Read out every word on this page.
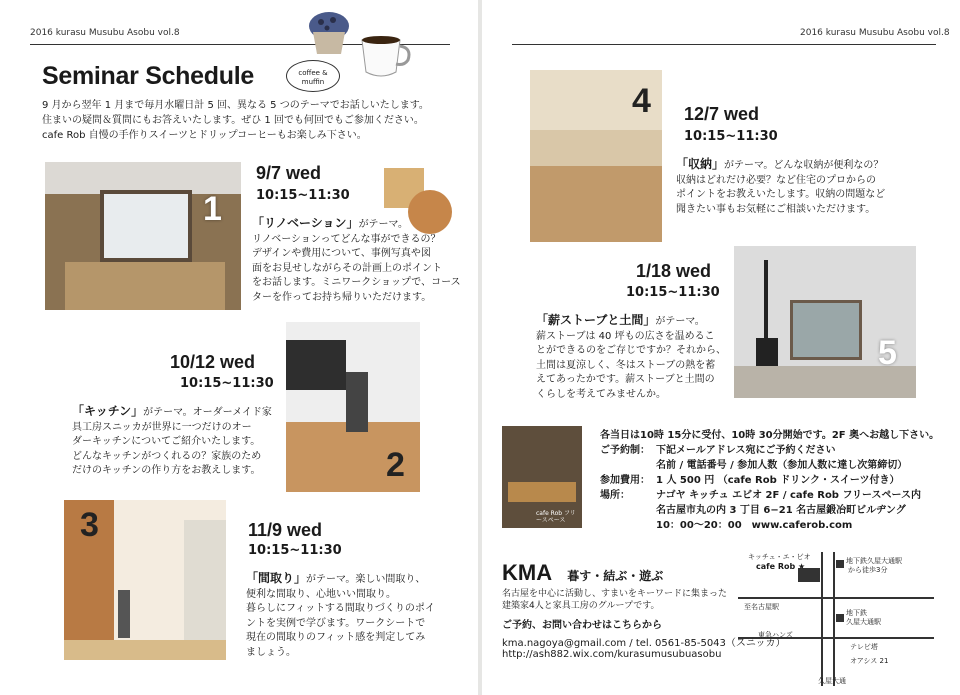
2016 kurasu Musubu Asobu vol.8
coffee & muffin
Seminar Schedule
9 月から翌年 1 月まで毎月水曜日計 5 回、異なる 5 つのテーマでお話しいたします。
住まいの疑問＆質問にもお答えいたします。ぜひ 1 回でも何回でもご参加ください。
cafe Rob 自慢の手作りスイーツとドリップコーヒーもお楽しみ下さい。
1
9/7 wed
10:15~11:30
「リノベーション」がテーマ。
リノベーションってどんな事ができるの？
デザインや費用について、事例写真や図
面をお見せしながらその計画上のポイント
をお話します。ミニワークショップで、コース
ターを作ってお持ち帰りいただけます。
10/12 wed
10:15~11:30
2
「キッチン」がテーマ。オーダーメイド家
具工房スニッカが世界に一つだけのオー
ダーキッチンについてご紹介いたします。
どんなキッチンがつくれるの？家族のため
だけのキッチンの作り方をお教えします。
3	11/9 wed
10:15~11:30
「間取り」がテーマ。楽しい間取り、
便利な間取り、心地いい間取り。
暮らしにフィットする間取りづくりのポイ
ントを実例で学びます。ワークシートで
現在の間取りのフィット感を判定してみ
ましょう。
2016 kurasu Musubu Asobu vol.8
4 12/7 wed
10:15~11:30
「収納」がテーマ。どんな収納が便利なの？
収納はどれだけ必要？など住宅のプロからの
ポイントをお教えいたします。収納の問題など
聞きたい事もお気軽にご相談いただけます。
1/18 wed
10:15~11:30
5
「薪ストーブと土間」がテーマ。
薪ストーブは 40 坪もの広さを温めるこ
とができるのをご存じですか？それから、
土間は夏涼しく、冬はストーブの熱を蓄
えてあったかです。薪ストーブと土間の
くらしを考えてみませんか。
cafe Rob フリースペース
各当日は10時 15分に受付、10時 30分開始です。2F 奥へお越し下さい。
ご予約制： 下記メールアドレス宛にご予約ください
名前 / 電話番号 / 参加人数（参加人数に達し次第締切）
参加費用： 1 人 500 円 （cafe Rob ドリンク・スイーツ付き）
場所：	ナゴヤ キッチュ エビオ 2F / cafe Rob フリースペース内
名古屋市丸の内 3 丁目 6−21 名古屋鍛冶町ビルヂング
10：00〜20：00　www.caferob.com
KMA 暮す・結ぶ・遊ぶ
名古屋を中心に活動し、すまいをキーワードに集まった
建築家4人と家具工房のグループです。
ご予約、お問い合わせはこちらから
kma.nagoya@gmail.com / tel. 0561-85-5043（スニッカ）
http://ash882.wix.com/kurasumusubuasobu
キッチュ・エ・ビオ
cafe Rob ★
地下鉄久屋大通駅
から徒歩3分
地下鉄
久屋大通駅
至名古屋駅
東急ハンズ
テレビ塔
オアシス 21
久屋大通
